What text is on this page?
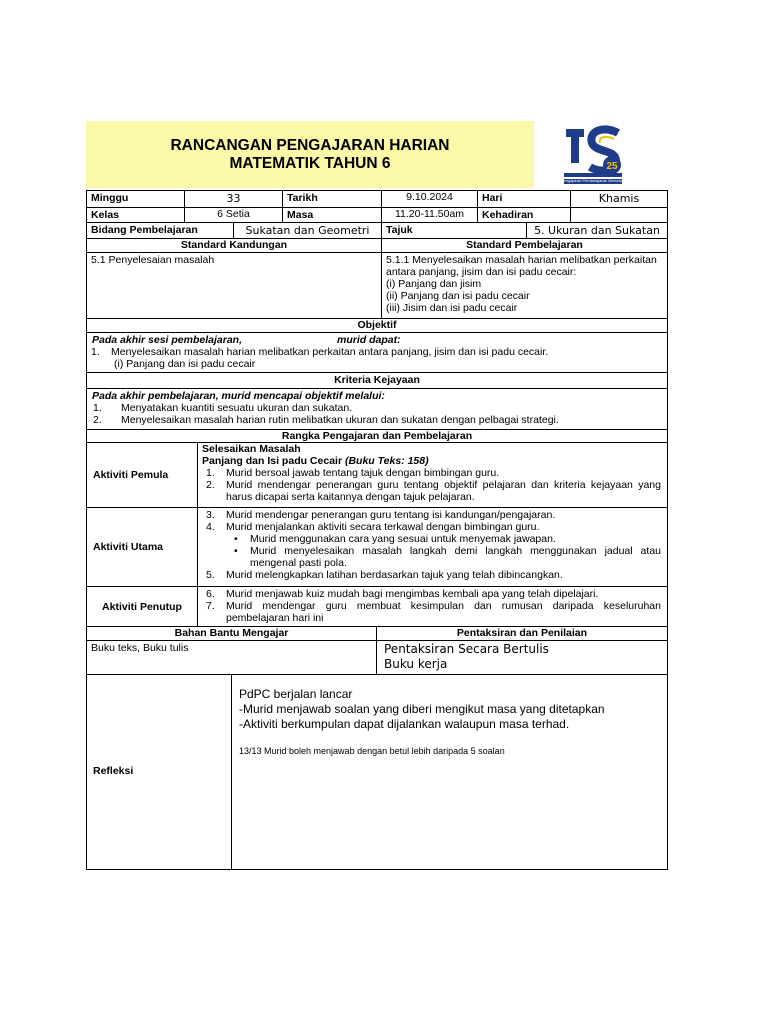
RANCANGAN PENGAJARAN HARIAN
MATEMATIK TAHUN 6	25
Pengajaran Pembelajaran Berkesan
Minggu	33	Tarikh	9.10.2024	Hari	Khamis
Kelas	6 Setia	Masa	11.20-11.50am	Kehadiran
Bidang Pembelajaran	Sukatan dan Geometri	Tajuk	5. Ukuran dan Sukatan
Standard Kandungan	Standard Pembelajaran
5.1 Penyelesaian masalah	5.1.1 Menyelesaikan masalah harian melibatkan perkaitan antara panjang, jisim dan isi padu cecair:
(i) Panjang dan jisim
(ii) Panjang dan isi padu cecair
(iii) Jisim dan isi padu cecair
Objektif
Pada akhir sesi pembelajaran,	murid dapat:
1. Menyelesaikan masalah harian melibatkan perkaitan antara panjang, jisim dan isi padu cecair.
(i) Panjang dan isi padu cecair
Kriteria Kejayaan
Pada akhir pembelajaran, murid mencapai objektif melalui:
1. Menyatakan kuantiti sesuatu ukuran dan sukatan.
2. Menyelesaikan masalah harian rutin melibatkan ukuran dan sukatan dengan pelbagai strategi.
Rangka Pengajaran dan Pembelajaran
Aktiviti Pemula
Selesaikan Masalah
Panjang dan Isi padu Cecair (Buku Teks: 158)
1. Murid bersoal jawab tentang tajuk dengan bimbingan guru.
2. Murid mendengar penerangan guru tentang objektif pelajaran dan kriteria kejayaan yang harus dicapai serta kaitannya dengan tajuk pelajaran.
Aktiviti Utama
3. Murid mendengar penerangan guru tentang isi kandungan/pengajaran.
4. Murid menjalankan aktiviti secara terkawal dengan bimbingan guru.
• Murid menggunakan cara yang sesuai untuk menyemak jawapan.
• Murid menyelesaikan masalah langkah demi langkah menggunakan jadual atau mengenal pasti pola.
5. Murid melengkapkan latihan berdasarkan tajuk yang telah dibincangkan.
Aktiviti Penutup
6. Murid menjawab kuiz mudah bagi mengimbas kembali apa yang telah dipelajari.
7. Murid mendengar guru membuat kesimpulan dan rumusan daripada keseluruhan pembelajaran hari ini
Bahan Bantu Mengajar	Pentaksiran dan Penilaian
Buku teks, Buku tulis	Pentaksiran Secara Bertulis
Buku kerja
Refleksi
PdPC berjalan lancar
-Murid menjawab soalan yang diberi mengikut masa yang ditetapkan
-Aktiviti berkumpulan dapat dijalankan walaupun masa terhad.
13/13 Murid boleh menjawab dengan betul lebih daripada 5 soalan
